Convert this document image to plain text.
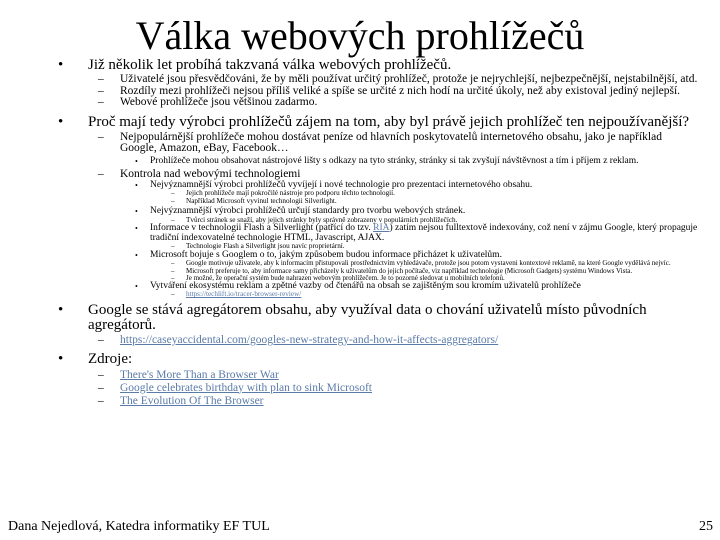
Válka webových prohlížečů
• Již několik let probíhá takzvaná válka webových prohlížečů.
– Uživatelé jsou přesvědčováni, že by měli používat určitý prohlížeč, protože je nejrychlejší, nejbezpečnější, nejstabilnější, atd.
– Rozdíly mezi prohlížeči nejsou příliš veliké a spíše se určité z nich hodí na určité úkoly, než aby existoval jediný nejlepší.
– Webové prohlížeče jsou většinou zadarmo.
• Proč mají tedy výrobci prohlížečů zájem na tom, aby byl právě jejich prohlížeč ten nejpoužívanější?
– Nejpopulárnější prohlížeče mohou dostávat peníze od hlavních poskytovatelů internetového obsahu, jako je například Google, Amazon, eBay, Facebook…
• Prohlížeče mohou obsahovat nástrojové lišty s odkazy na tyto stránky, stránky si tak zvyšují návštěvnost a tím i příjem z reklam.
– Kontrola nad webovými technologiemi
• Nejvýznamnější výrobci prohlížečů vyvíjejí i nové technologie pro prezentaci internetového obsahu.
– Jejich prohlížeče mají pokročilé nástroje pro podporu těchto technologií.
– Například Microsoft vyvinul technologii Silverlight.
• Nejvýznamnější výrobci prohlížečů určují standardy pro tvorbu webových stránek.
– Tvůrci stránek se snaží, aby jejich stránky byly správně zobrazeny v populárních prohlížečích.
• Informace v technologii Flash a Silverlight (patřící do tzv. RIA) zatím nejsou fulltextově indexovány, což není v zájmu Google, který propaguje tradiční indexovatelné technologie HTML, Javascript, AJAX.
– Technologie Flash a Silverlight jsou navíc proprietární.
• Microsoft bojuje s Googlem o to, jakým způsobem budou informace přicházet k uživatelům.
– Google motivuje uživatele, aby k informacím přistupovali prostřednictvím vyhledávače, protože jsou potom vystaveni kontextové reklamě, na které Google vydělává nejvíc.
– Microsoft preferuje to, aby informace samy přicházely k uživatelům do jejich počítače, viz například technologie (Microsoft Gadgets) systému Windows Vista.
– Je možné, že operační systém bude nahrazen webovým prohlížečem. Je to pozorné sledovat u mobilních telefonů.
• Vytváření ekosystému reklam a zpětné vazby od čtenářů na obsah se zajištěným sou kromím uživatelů prohlížeče
– https://techlift.io/tracer-browser-review/
• Google se stává agregátorem obsahu, aby využíval data o chování uživatelů místo původních agregátorů.
– https://caseyaccidental.com/googles-new-strategy-and-how-it-affects-aggregators/
• Zdroje:
– There's More Than a Browser War
– Google celebrates birthday with plan to sink Microsoft
– The Evolution Of The Browser
Dana Nejedlová, Katedra informatiky EF TUL	25
